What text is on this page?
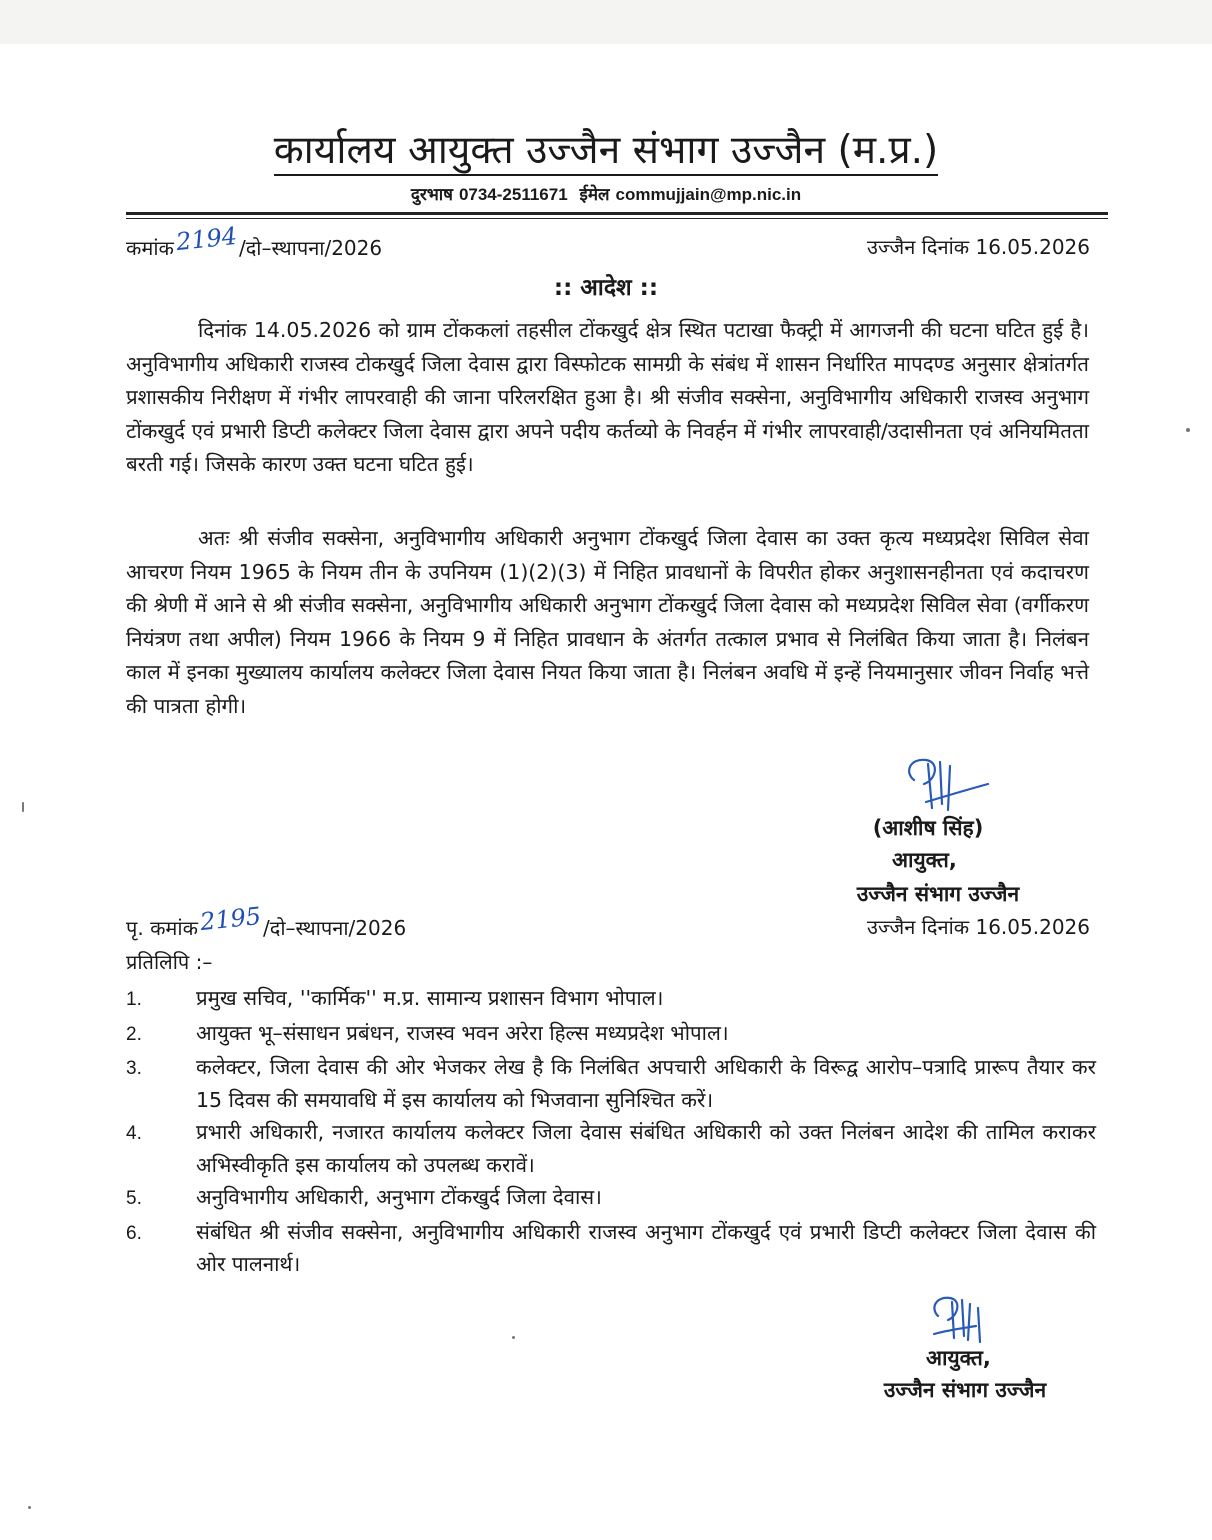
कार्यालय आयुक्त उज्जैन संभाग उज्जैन (म.प्र.)
दुरभाष 0734-2511671 ईमेल commujjain@mp.nic.in
कमांक2194/दो–स्थापना/2026	उज्जैन दिनांक 16.05.2026
:: आदेश ::

दिनांक 14.05.2026 को ग्राम टोंककलां तहसील टोंकखुर्द क्षेत्र स्थित पटाखा फैक्ट्री में आगजनी की घटना घटित हुई है। अनुविभागीय अधिकारी राजस्व टोकखुर्द जिला देवास द्वारा विस्फोटक सामग्री के संबंध में शासन निर्धारित मापदण्ड अनुसार क्षेत्रांतर्गत प्रशासकीय निरीक्षण में गंभीर लापरवाही की जाना परिलरक्षित हुआ है। श्री संजीव सक्सेना, अनुविभागीय अधिकारी राजस्व अनुभाग टोंकखुर्द एवं प्रभारी डिप्टी कलेक्टर जिला देवास द्वारा अपने पदीय कर्तव्यो के निवर्हन में गंभीर लापरवाही/उदासीनता एवं अनियमितता बरती गई। जिसके कारण उक्त घटना घटित हुई।

अतः श्री संजीव सक्सेना, अनुविभागीय अधिकारी अनुभाग टोंकखुर्द जिला देवास का उक्त कृत्य मध्यप्रदेश सिविल सेवा आचरण नियम 1965 के नियम तीन के उपनियम (1)(2)(3) में निहित प्रावधानों के विपरीत होकर अनुशासनहीनता एवं कदाचरण की श्रेणी में आने से श्री संजीव सक्सेना, अनुविभागीय अधिकारी अनुभाग टोंकखुर्द जिला देवास को मध्यप्रदेश सिविल सेवा (वर्गीकरण नियंत्रण तथा अपील) नियम 1966 के नियम 9 में निहित प्रावधान के अंतर्गत तत्काल प्रभाव से निलंबित किया जाता है। निलंबन काल में इनका मुख्यालय कार्यालय कलेक्टर जिला देवास नियत किया जाता है। निलंबन अवधि में इन्हें नियमानुसार जीवन निर्वाह भत्ते की पात्रता होगी।

(आशीष सिंह)
आयुक्त,
उज्जैन संभाग उज्जैन
पृ. कमांक2195/दो–स्थापना/2026	उज्जैन दिनांक 16.05.2026
प्रतिलिपि :–
1.	प्रमुख सचिव, ''कार्मिक'' म.प्र. सामान्य प्रशासन विभाग भोपाल।
2.	आयुक्त भू–संसाधन प्रबंधन, राजस्व भवन अरेरा हिल्स मध्यप्रदेश भोपाल।
3.	कलेक्टर, जिला देवास की ओर भेजकर लेख है कि निलंबित अपचारी अधिकारी के विरूद्व आरोप–पत्रादि प्रारूप तैयार कर 15 दिवस की समयावधि में इस कार्यालय को भिजवाना सुनिश्चित करें।
4.	प्रभारी अधिकारी, नजारत कार्यालय कलेक्टर जिला देवास संबंधित अधिकारी को उक्त निलंबन आदेश की तामिल कराकर अभिस्वीकृति इस कार्यालय को उपलब्ध करावें।
5.	अनुविभागीय अधिकारी, अनुभाग टोंकखुर्द जिला देवास।
6.	संबंधित श्री संजीव सक्सेना, अनुविभागीय अधिकारी राजस्व अनुभाग टोंकखुर्द एवं प्रभारी डिप्टी कलेक्टर जिला देवास की ओर पालनार्थ।
आयुक्त,
उज्जैन संभाग उज्जैन
